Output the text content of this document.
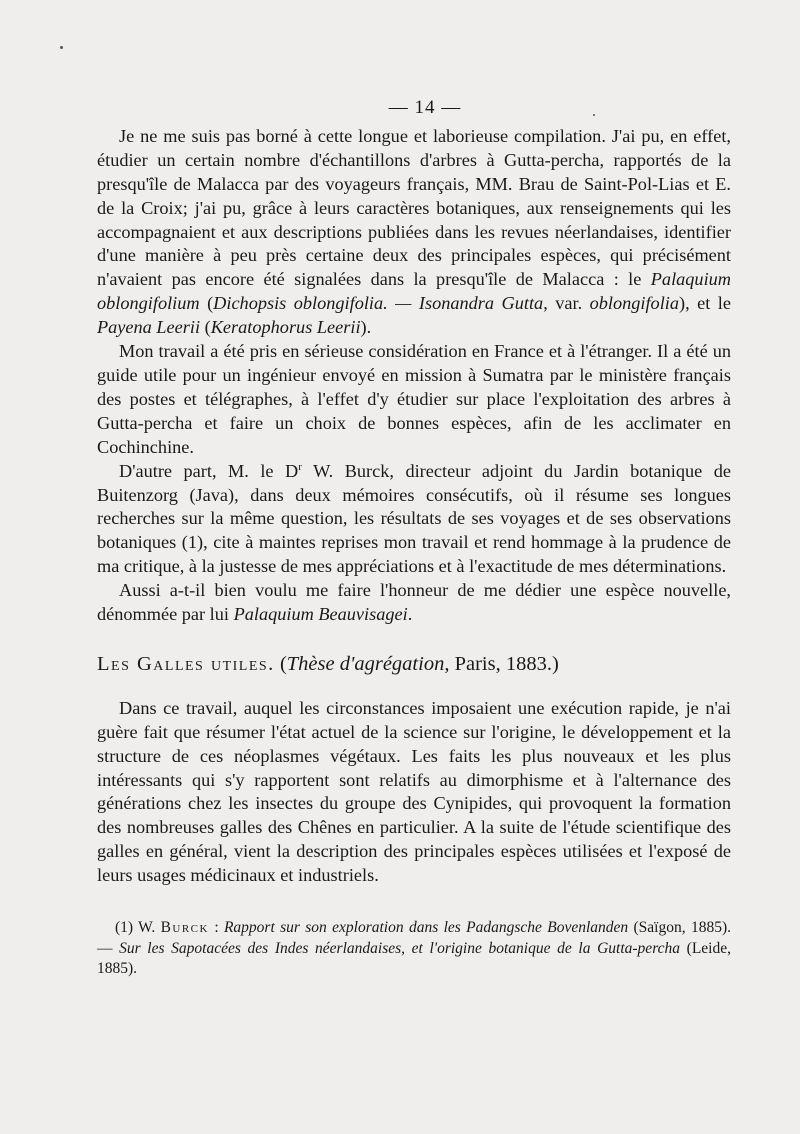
— 14 —

Je ne me suis pas borné à cette longue et laborieuse compilation. J'ai pu, en effet, étudier un certain nombre d'échantillons d'arbres à Gutta-percha, rapportés de la presqu'île de Malacca par des voyageurs français, MM. Brau de Saint-Pol-Lias et E. de la Croix; j'ai pu, grâce à leurs caractères botaniques, aux renseignements qui les accompagnaient et aux descriptions publiées dans les revues néerlandaises, identifier d'une manière à peu près certaine deux des principales espèces, qui précisément n'avaient pas encore été signalées dans la presqu'île de Malacca : le Palaquium oblongifolium (Dichopsis oblongifolia. — Isonandra Gutta, var. oblongifolia), et le Payena Leerii (Keratophorus Leerii).

Mon travail a été pris en sérieuse considération en France et à l'étranger. Il a été un guide utile pour un ingénieur envoyé en mission à Sumatra par le ministère français des postes et télégraphes, à l'effet d'y étudier sur place l'exploitation des arbres à Gutta-percha et faire un choix de bonnes espèces, afin de les acclimater en Cochinchine.

D'autre part, M. le $D^r$ W. Burck, directeur adjoint du Jardin botanique de Buitenzorg (Java), dans deux mémoires consécutifs, où il résume ses longues recherches sur la même question, les résultats de ses voyages et de ses observations botaniques (1), cite à maintes reprises mon travail et rend hommage à la prudence de ma critique, à la justesse de mes appréciations et à l'exactitude de mes déterminations.

Aussi a-t-il bien voulu me faire l'honneur de me dédier une espèce nouvelle, dénommée par lui Palaquium Beauvisagei.

Les Galles utiles. (Thèse d'agrégation, Paris, 1883.)

Dans ce travail, auquel les circonstances imposaient une exécution rapide, je n'ai guère fait que résumer l'état actuel de la science sur l'origine, le développement et la structure de ces néoplasmes végétaux. Les faits les plus nouveaux et les plus intéressants qui s'y rapportent sont relatifs au dimorphisme et à l'alternance des générations chez les insectes du groupe des Cynipides, qui provoquent la formation des nombreuses galles des Chênes en particulier. A la suite de l'étude scientifique des galles en général, vient la description des principales espèces utilisées et l'exposé de leurs usages médicinaux et industriels.

(1) W. Burck : Rapport sur son exploration dans les Padangsche Bovenlanden (Saïgon, 1885). — Sur les Sapotacées des Indes néerlandaises, et l'origine botanique de la Gutta-percha (Leide, 1885).
